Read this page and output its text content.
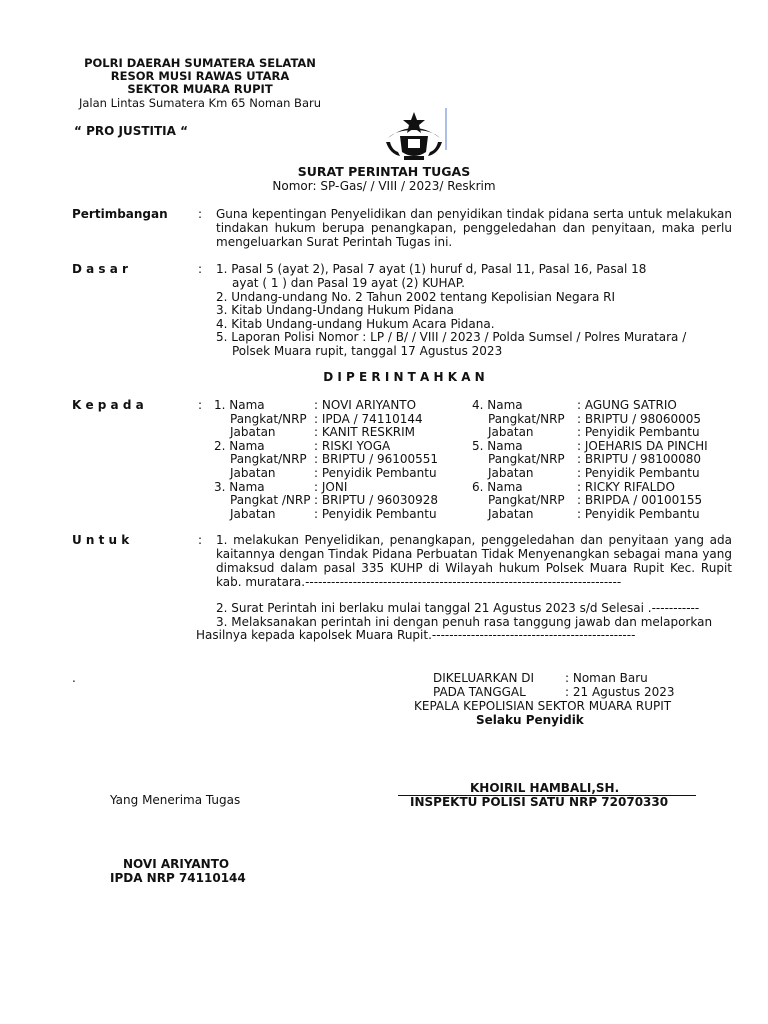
POLRI DAERAH SUMATERA SELATAN
RESOR MUSI RAWAS UTARA
SEKTOR MUARA RUPIT
Jalan Lintas Sumatera Km 65 Noman Baru
“ PRO JUSTITIA “
SURAT PERINTAH TUGAS
Nomor: SP-Gas/ / VIII / 2023/ Reskrim
Pertimbangan	: Guna kepentingan Penyelidikan dan penyidikan tindak pidana serta untuk melakukan tindakan hukum berupa penangkapan, penggeledahan dan penyitaan, maka perlu mengeluarkan Surat Perintah Tugas ini.
D a s a r	: 1. Pasal 5 (ayat 2), Pasal 7 ayat (1) huruf d, Pasal 11, Pasal 16, Pasal 18
ayat ( 1 ) dan Pasal 19 ayat (2) KUHAP.
2. Undang-undang No. 2 Tahun 2002 tentang Kepolisian Negara RI
3. Kitab Undang-Undang Hukum Pidana
4. Kitab Undang-undang Hukum Acara Pidana.
5. Laporan Polisi Nomor : LP / B/ / VIII / 2023 / Polda Sumsel / Polres Muratara /
Polsek Muara rupit, tanggal 17 Agustus 2023
D I P E R I N T A H K A N
K e p a d a	: 1. Nama	: NOVI ARIYANTO
Pangkat/NRP : IPDA / 74110144
Jabatan	: KANIT RESKRIM
2. Nama	: RISKI YOGA
Pangkat/NRP : BRIPTU / 96100551
Jabatan	: Penyidik Pembantu
3. Nama	: JONI
Pangkat /NRP : BRIPTU / 96030928
Jabatan	: Penyidik Pembantu
4. Nama	: AGUNG SATRIO
Pangkat/NRP : BRIPTU / 98060005
Jabatan	: Penyidik Pembantu
5. Nama	: JOEHARIS DA PINCHI
Pangkat/NRP : BRIPTU / 98100080
Jabatan	: Penyidik Pembantu
6. Nama	: RICKY RIFALDO
Pangkat/NRP : BRIPDA / 00100155
Jabatan	: Penyidik Pembantu
U n t u k	: 1. melakukan Penyelidikan, penangkapan, penggeledahan dan penyitaan yang ada kaitannya dengan Tindak Pidana Perbuatan Tidak Menyenangkan sebagai mana yang dimaksud dalam pasal 335 KUHP di Wilayah hukum Polsek Muara Rupit Kec. Rupit kab. muratara.-------------------------------------------------------------------------
2. Surat Perintah ini berlaku mulai tanggal 21 Agustus 2023 s/d Selesai .-----------
3. Melaksanakan perintah ini dengan penuh rasa tanggung jawab dan melaporkan
Hasilnya kepada kapolsek Muara Rupit.-----------------------------------------------
.	DIKELUARKAN DI	: Noman Baru
PADA TANGGAL	: 21 Agustus 2023
KEPALA KEPOLISIAN SEKTOR MUARA RUPIT
Selaku Penyidik
KHOIRIL HAMBALI,SH.
INSPEKTU POLISI SATU NRP 72070330
Yang Menerima Tugas
NOVI ARIYANTO
IPDA NRP 74110144
